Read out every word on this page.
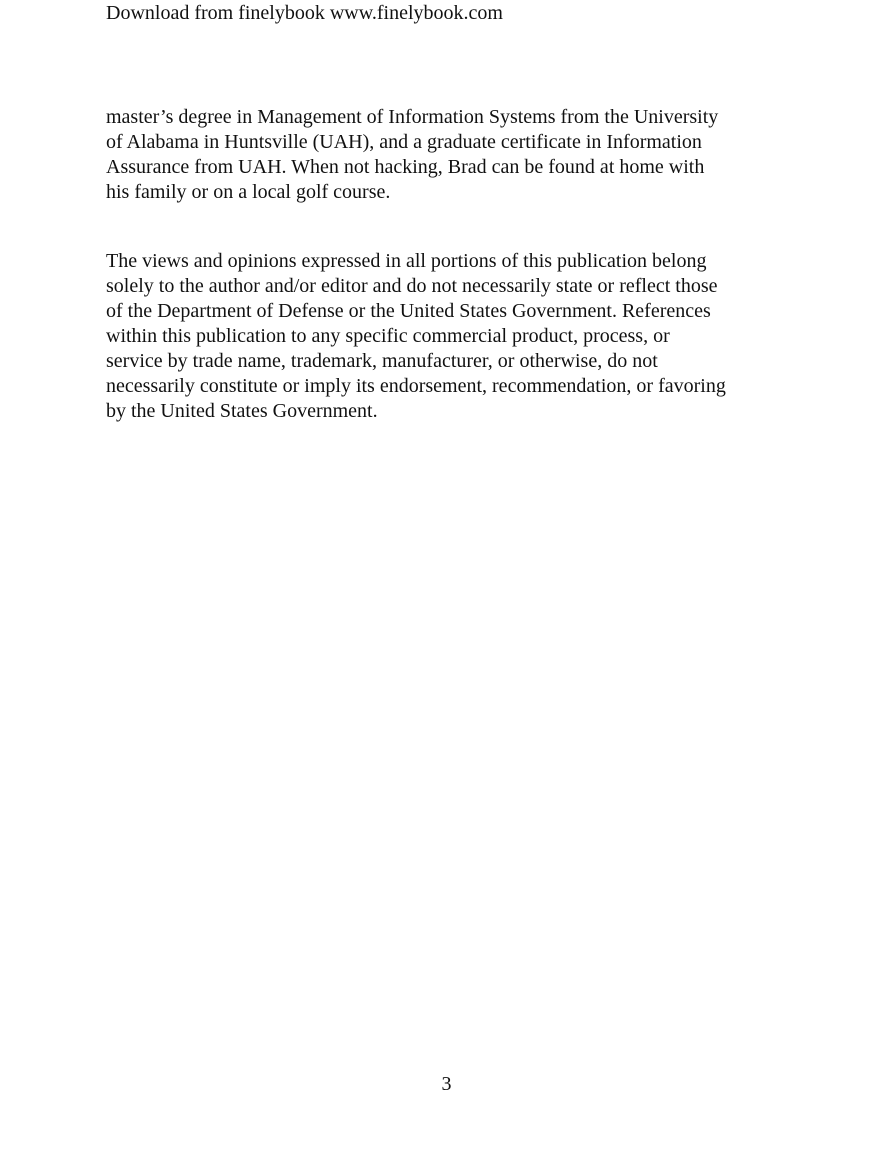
Download from finelybook www.finelybook.com

master’s degree in Management of Information Systems from the University
of Alabama in Huntsville (UAH), and a graduate certificate in Information
Assurance from UAH. When not hacking, Brad can be found at home with
his family or on a local golf course.

The views and opinions expressed in all portions of this publication belong
solely to the author and/or editor and do not necessarily state or reflect those
of the Department of Defense or the United States Government. References
within this publication to any specific commercial product, process, or
service by trade name, trademark, manufacturer, or otherwise, do not
necessarily constitute or imply its endorsement, recommendation, or favoring
by the United States Government.

3
